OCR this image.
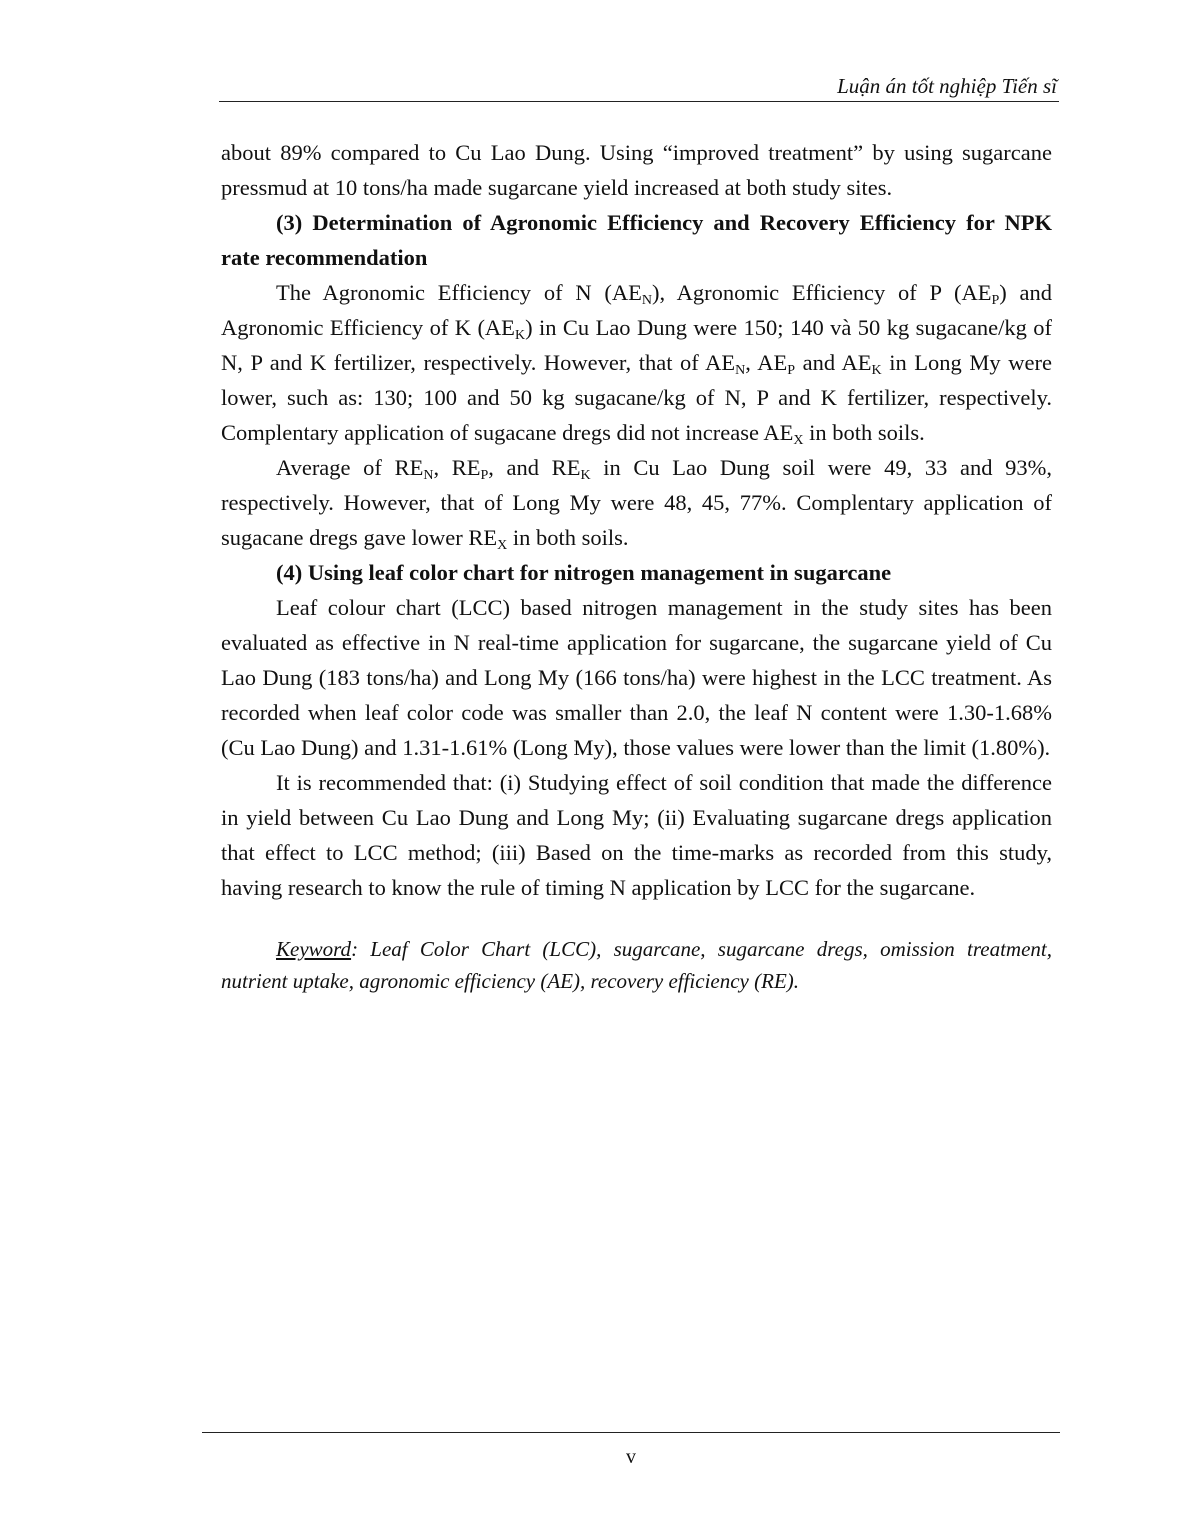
Luận án tốt nghiệp Tiến sĩ

about 89% compared to Cu Lao Dung. Using “improved treatment” by using sugarcane pressmud at 10 tons/ha made sugarcane yield increased at both study sites.

(3) Determination of Agronomic Efficiency and Recovery Efficiency for NPK rate recommendation

The Agronomic Efficiency of N $(AE_N)$, Agronomic Efficiency of P $(AE_P)$ and Agronomic Efficiency of K $(AE_K)$ in Cu Lao Dung were 150; 140 và 50 kg sugacane/kg of N, P and K fertilizer, respectively. However, that of $AE_N$, $AE_P$ and $AE_K$ in Long My were lower, such as: 130; 100 and 50 kg sugacane/kg of N, P and K fertilizer, respectively. Complentary application of sugacane dregs did not increase $AE_X$ in both soils.

Average of $RE_N$, $RE_P$, and $RE_K$ in Cu Lao Dung soil were 49, 33 and 93%, respectively. However, that of Long My were 48, 45, 77%. Complentary application of sugacane dregs gave lower $RE_X$ in both soils.

(4) Using leaf color chart for nitrogen management in sugarcane

Leaf colour chart (LCC) based nitrogen management in the study sites has been evaluated as effective in N real-time application for sugarcane, the sugarcane yield of Cu Lao Dung (183 tons/ha) and Long My (166 tons/ha) were highest in the LCC treatment. As recorded when leaf color code was smaller than 2.0, the leaf N content were 1.30-1.68% (Cu Lao Dung) and 1.31-1.61% (Long My), those values were lower than the limit (1.80%).

It is recommended that: (i) Studying effect of soil condition that made the difference in yield between Cu Lao Dung and Long My; (ii) Evaluating sugarcane dregs application that effect to LCC method; (iii) Based on the time-marks as recorded from this study, having research to know the rule of timing N application by LCC for the sugarcane.

Keyword: Leaf Color Chart (LCC), sugarcane, sugarcane dregs, omission treatment, nutrient uptake, agronomic efficiency (AE), recovery efficiency (RE).

v
